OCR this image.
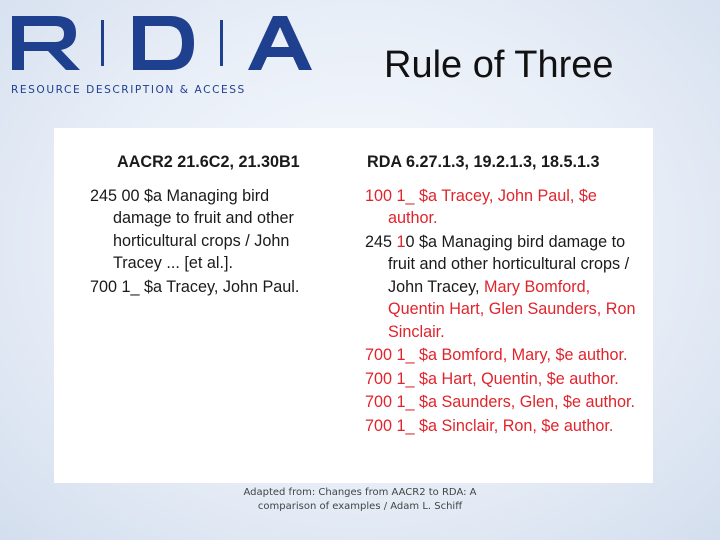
RESOURCE DESCRIPTION & ACCESS
Rule of Three
AACR2 21.6C2, 21.30B1
245 00 $a Managing bird damage to fruit and other horticultural crops / John Tracey ... [et al.].
700 1_ $a Tracey, John Paul.
RDA 6.27.1.3, 19.2.1.3, 18.5.1.3
100 1_ $a Tracey, John Paul, $e author.
245 10 $a Managing bird damage to fruit and other horticultural crops / John Tracey, Mary Bomford, Quentin Hart, Glen Saunders, Ron Sinclair.
700 1_ $a Bomford, Mary, $e author.
700 1_ $a Hart, Quentin, $e author.
700 1_ $a Saunders, Glen, $e author.
700 1_ $a Sinclair, Ron, $e author.
Adapted from: Changes from AACR2 to RDA: A comparison of examples / Adam L. Schiff
